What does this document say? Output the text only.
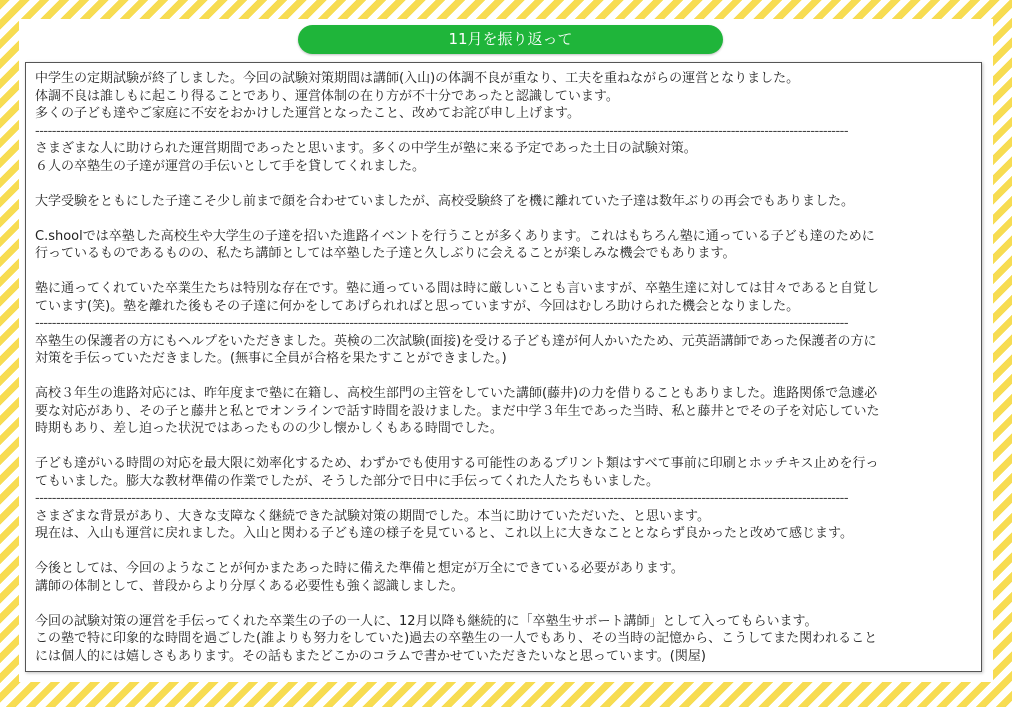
11月を振り返って
中学生の定期試験が終了しました。今回の試験対策期間は講師(入山)の体調不良が重なり、工夫を重ねながらの運営となりました。
体調不良は誰しもに起こり得ることであり、運営体制の在り方が不十分であったと認識しています。
多くの子ども達やご家庭に不安をおかけした運営となったこと、改めてお詫び申し上げます。
--------------------------------------------------------------------------------------------------------------------------------------------------------------------------------------------------
さまざまな人に助けられた運営期間であったと思います。多くの中学生が塾に来る予定であった土日の試験対策。
６人の卒塾生の子達が運営の手伝いとして手を貸してくれました。
大学受験をともにした子達こそ少し前まで顔を合わせていましたが、高校受験終了を機に離れていた子達は数年ぶりの再会でもありました。
C.shoolでは卒塾した高校生や大学生の子達を招いた進路イベントを行うことが多くあります。これはもちろん塾に通っている子ども達のために
行っているものであるものの、私たち講師としては卒塾した子達と久しぶりに会えることが楽しみな機会でもあります。
塾に通ってくれていた卒業生たちは特別な存在です。塾に通っている間は時に厳しいことも言いますが、卒塾生達に対しては甘々であると自覚し
ています(笑)。塾を離れた後もその子達に何かをしてあげられればと思っていますが、今回はむしろ助けられた機会となりました。
--------------------------------------------------------------------------------------------------------------------------------------------------------------------------------------------------
卒塾生の保護者の方にもヘルプをいただきました。英検の二次試験(面接)を受ける子ども達が何人かいたため、元英語講師であった保護者の方に
対策を手伝っていただきました。(無事に全員が合格を果たすことができました。)
高校３年生の進路対応には、昨年度まで塾に在籍し、高校生部門の主管をしていた講師(藤井)の力を借りることもありました。進路関係で急遽必
要な対応があり、その子と藤井と私とでオンラインで話す時間を設けました。まだ中学３年生であった当時、私と藤井とでその子を対応していた
時期もあり、差し迫った状況ではあったものの少し懐かしくもある時間でした。
子ども達がいる時間の対応を最大限に効率化するため、わずかでも使用する可能性のあるプリント類はすべて事前に印刷とホッチキス止めを行っ
てもいました。膨大な教材準備の作業でしたが、そうした部分で日中に手伝ってくれた人たちもいました。
--------------------------------------------------------------------------------------------------------------------------------------------------------------------------------------------------
さまざまな背景があり、大きな支障なく継続できた試験対策の期間でした。本当に助けていただいた、と思います。
現在は、入山も運営に戻れました。入山と関わる子ども達の様子を見ていると、これ以上に大きなこととならず良かったと改めて感じます。
今後としては、今回のようなことが何かまたあった時に備えた準備と想定が万全にできている必要があります。
講師の体制として、普段からより分厚くある必要性も強く認識しました。
今回の試験対策の運営を手伝ってくれた卒業生の子の一人に、12月以降も継続的に「卒塾生サポート講師」として入ってもらいます。
この塾で特に印象的な時間を過ごした(誰よりも努力をしていた)過去の卒塾生の一人でもあり、その当時の記憶から、こうしてまた関われること
には個人的には嬉しさもあります。その話もまたどこかのコラムで書かせていただきたいなと思っています。(関屋)
